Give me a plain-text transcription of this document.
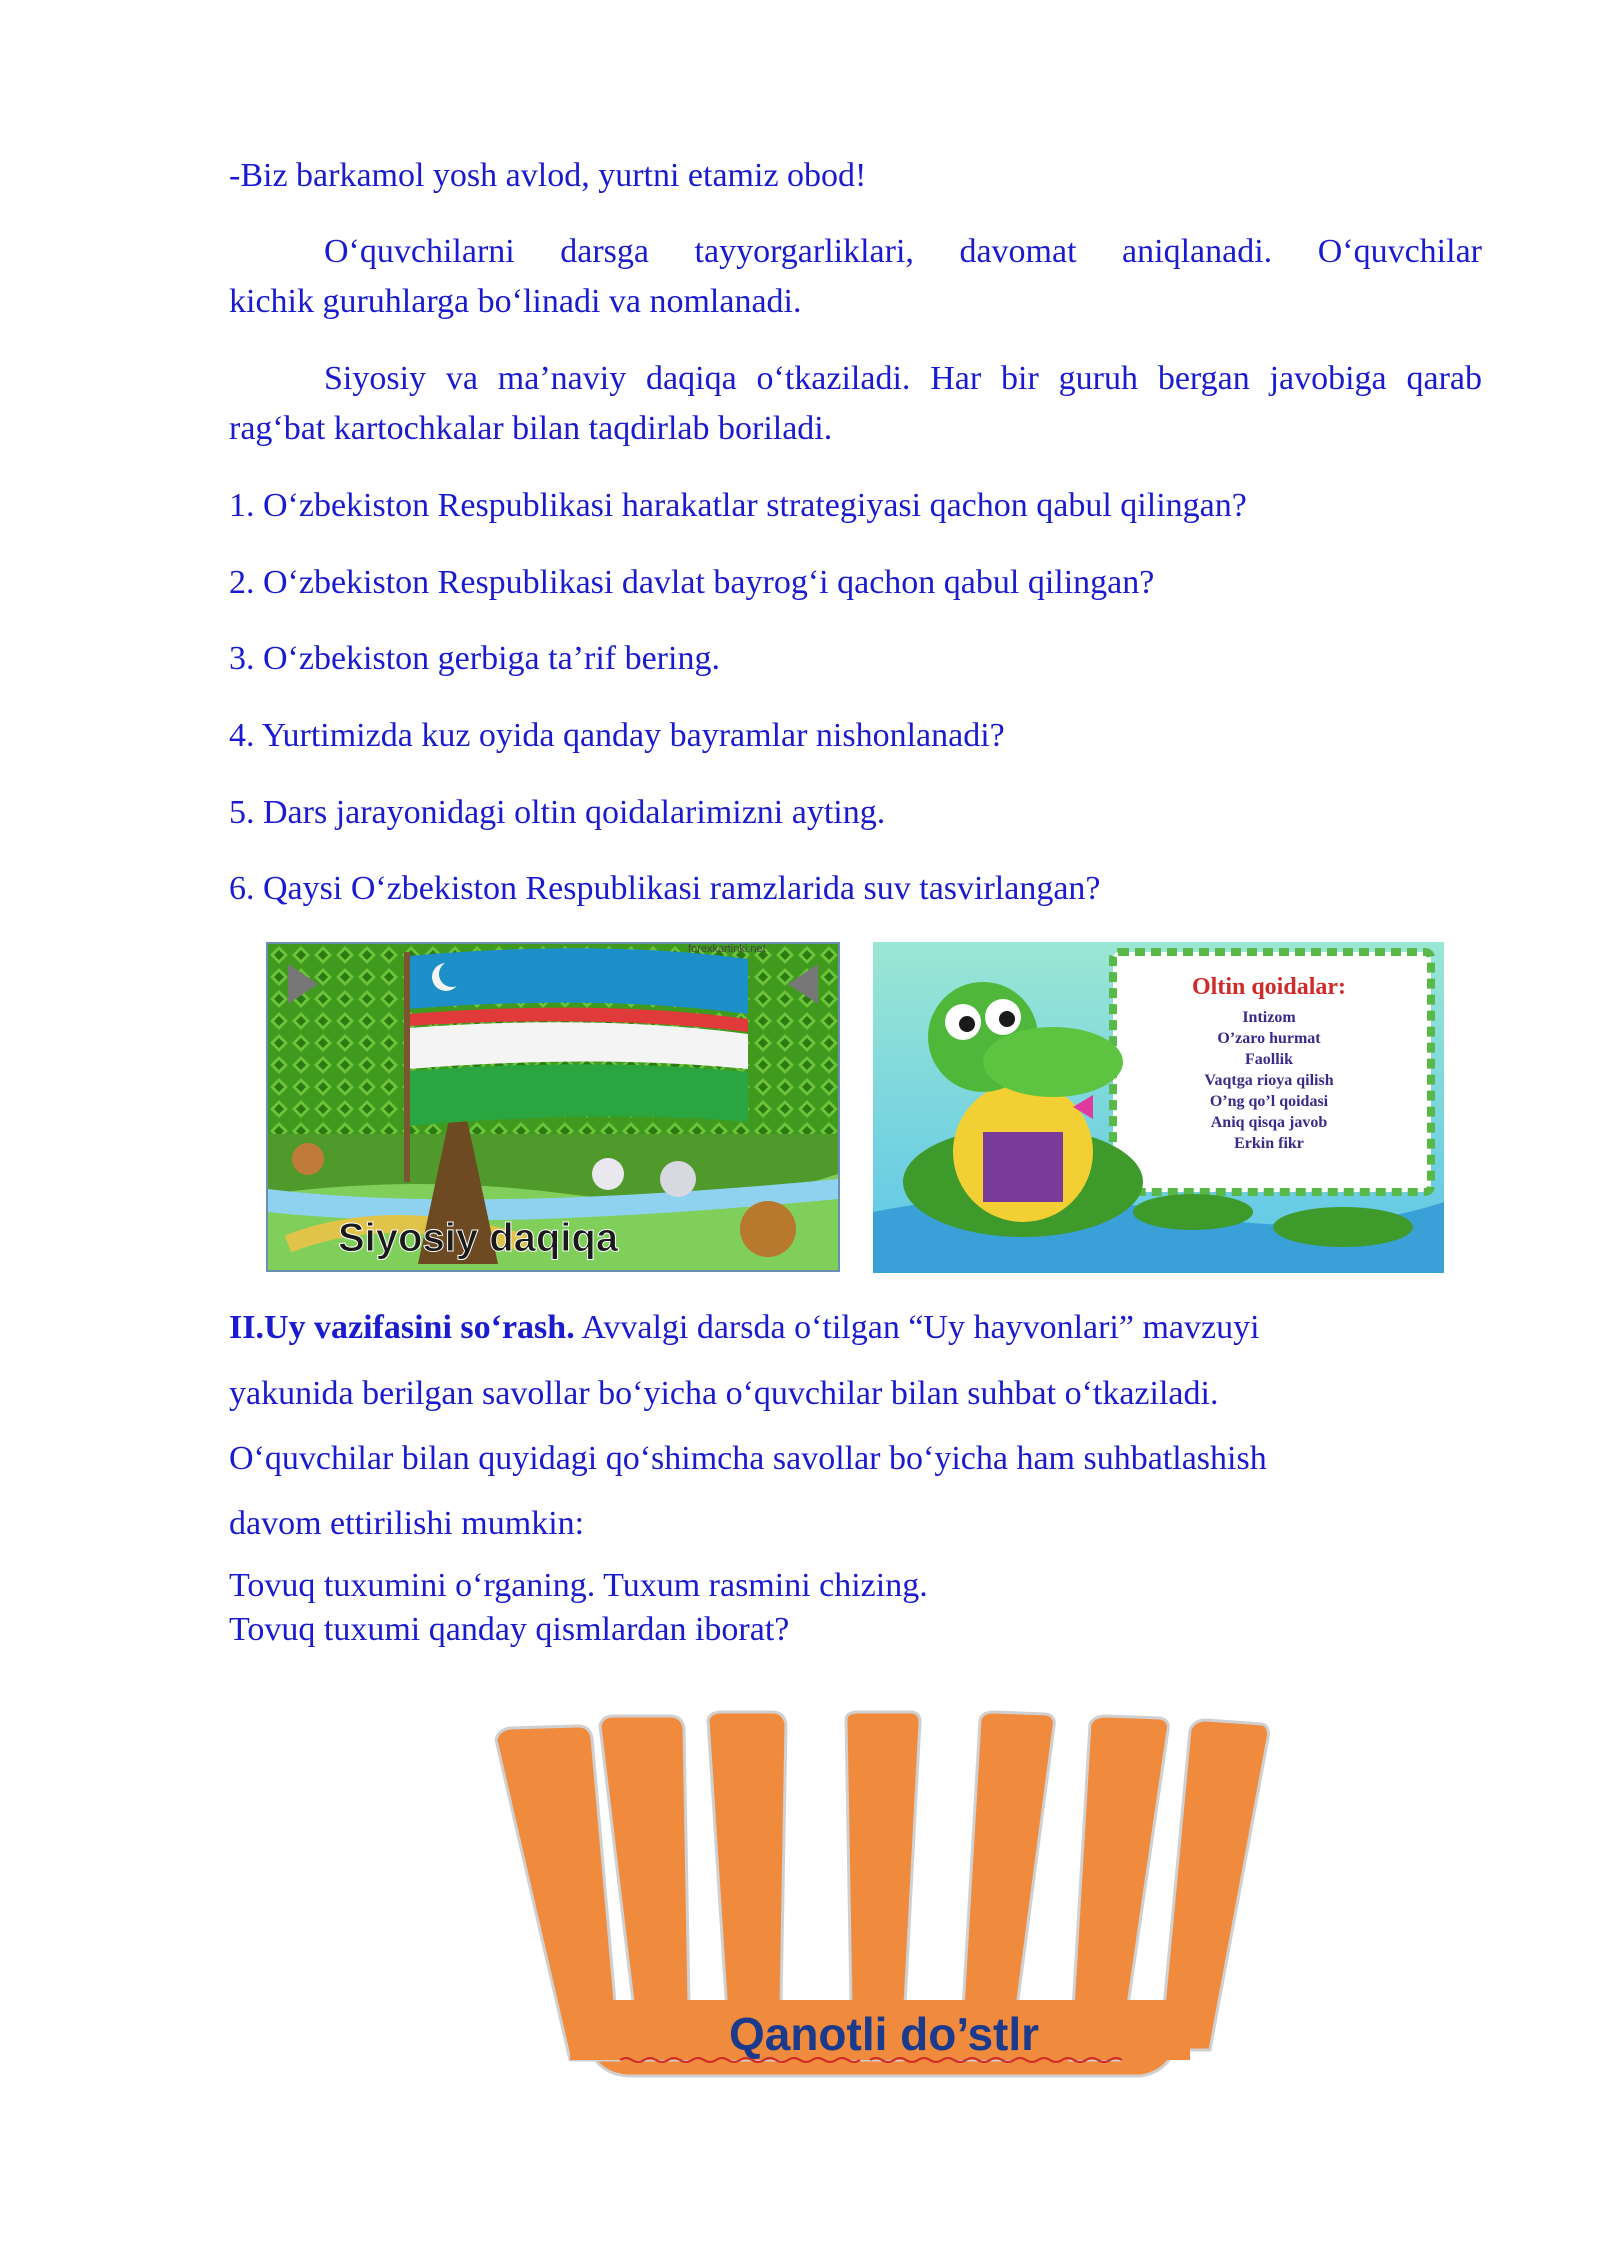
-Biz barkamol yosh avlod, yurtni etamiz obod!
O‘quvchilarni darsga tayyorgarliklari, davomat aniqlanadi. O‘quvchilar
kichik guruhlarga bo‘linadi va nomlanadi.
Siyosiy va ma’naviy daqiqa o‘tkaziladi. Har bir guruh bergan javobiga qarab
rag‘bat kartochkalar bilan taqdirlab boriladi.
1. O‘zbekiston Respublikasi harakatlar strategiyasi qachon qabul qilingan?
2. O‘zbekiston Respublikasi davlat bayrog‘i qachon qabul qilingan?
3. O‘zbekiston gerbiga ta’rif bering.
4. Yurtimizda kuz oyida qanday bayramlar nishonlanadi?
5. Dars jarayonidagi oltin qoidalarimizni ayting.
6. Qaysi O‘zbekiston Respublikasi ramzlarida suv tasvirlangan?
forexkartinki.net
Siyosiy daqiqa
Oltin qoidalar:
Intizom
O’zaro hurmat
Faollik
Vaqtga rioya qilish
O’ng qo’l qoidasi
Aniq qisqa javob
Erkin fikr
II.Uy vazifasini so‘rash. Avvalgi darsda o‘tilgan “Uy hayvonlari” mavzuyi
yakunida berilgan savollar bo‘yicha o‘quvchilar bilan suhbat o‘tkaziladi.
O‘quvchilar bilan quyidagi qo‘shimcha savollar bo‘yicha ham suhbatlashish
davom ettirilishi mumkin:
Tovuq tuxumini o‘rganing. Tuxum rasmini chizing.
Tovuq tuxumi qanday qismlardan iborat?
Qanotli do’stlr
